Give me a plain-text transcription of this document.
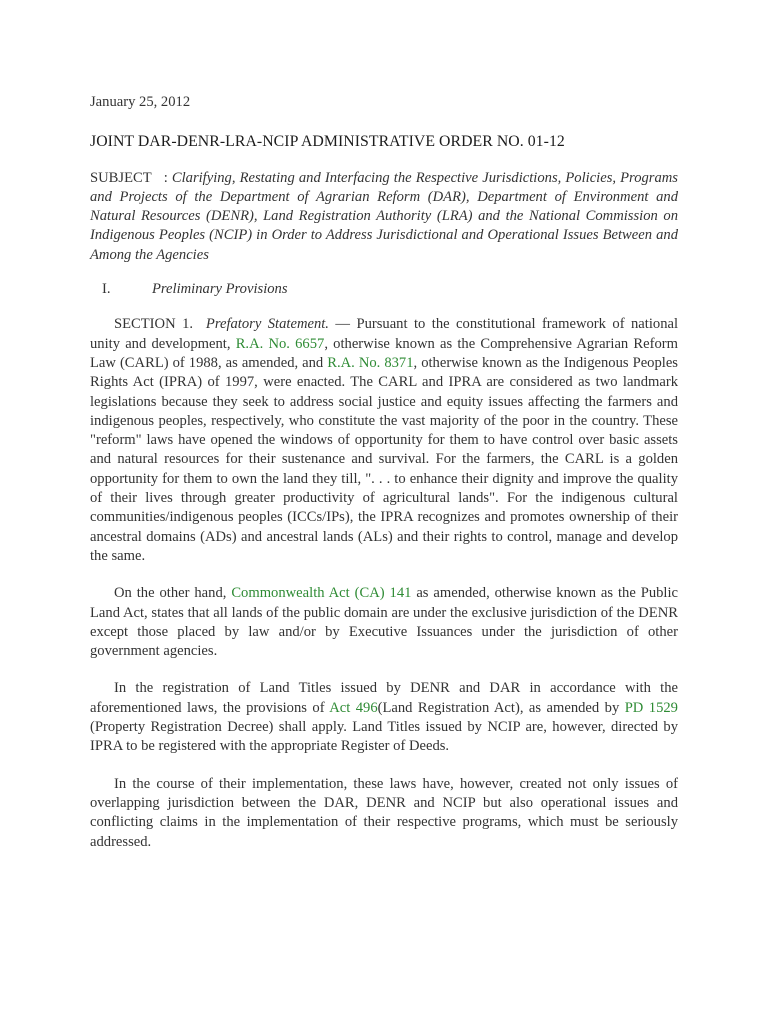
January 25, 2012

JOINT DAR-DENR-LRA-NCIP ADMINISTRATIVE ORDER NO. 01-12

SUBJECT   : Clarifying, Restating and Interfacing the Respective Jurisdictions, Policies, Programs and Projects of the Department of Agrarian Reform (DAR), Department of Environment and Natural Resources (DENR), Land Registration Authority (LRA) and the National Commission on Indigenous Peoples (NCIP) in Order to Address Jurisdictional and Operational Issues Between and Among the Agencies

I.	Preliminary Provisions

SECTION 1. Prefatory Statement. — Pursuant to the constitutional framework of national unity and development, R.A. No. 6657, otherwise known as the Comprehensive Agrarian Reform Law (CARL) of 1988, as amended, and R.A. No. 8371, otherwise known as the Indigenous Peoples Rights Act (IPRA) of 1997, were enacted. The CARL and IPRA are considered as two landmark legislations because they seek to address social justice and equity issues affecting the farmers and indigenous peoples, respectively, who constitute the vast majority of the poor in the country. These "reform" laws have opened the windows of opportunity for them to have control over basic assets and natural resources for their sustenance and survival. For the farmers, the CARL is a golden opportunity for them to own the land they till, ". . . to enhance their dignity and improve the quality of their lives through greater productivity of agricultural lands". For the indigenous cultural communities/indigenous peoples (ICCs/IPs), the IPRA recognizes and promotes ownership of their ancestral domains (ADs) and ancestral lands (ALs) and their rights to control, manage and develop the same.

On the other hand, Commonwealth Act (CA) 141 as amended, otherwise known as the Public Land Act, states that all lands of the public domain are under the exclusive jurisdiction of the DENR except those placed by law and/or by Executive Issuances under the jurisdiction of other government agencies.

In the registration of Land Titles issued by DENR and DAR in accordance with the aforementioned laws, the provisions of Act 496(Land Registration Act), as amended by PD 1529 (Property Registration Decree) shall apply. Land Titles issued by NCIP are, however, directed by IPRA to be registered with the appropriate Register of Deeds.

In the course of their implementation, these laws have, however, created not only issues of overlapping jurisdiction between the DAR, DENR and NCIP but also operational issues and conflicting claims in the implementation of their respective programs, which must be seriously addressed.
